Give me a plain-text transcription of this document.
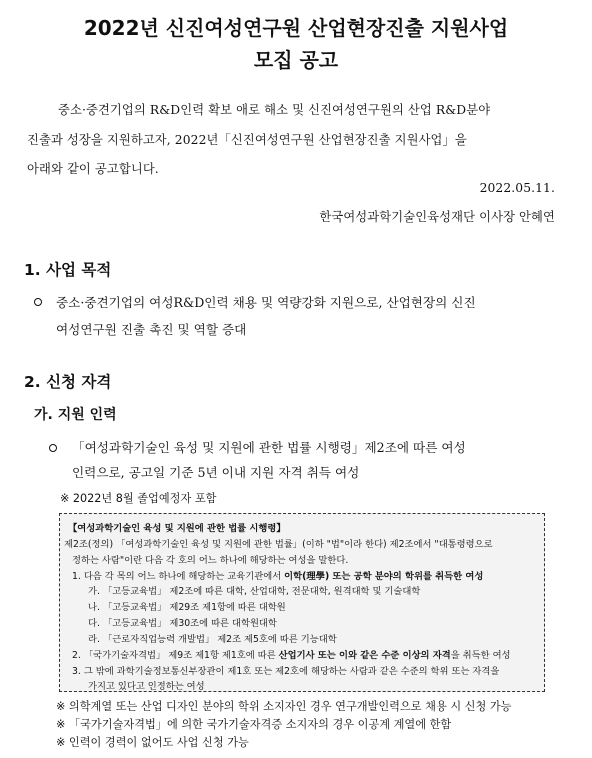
2022년 신진여성연구원 산업현장진출 지원사업
모집 공고
중소·중견기업의 R&D인력 확보 애로 해소 및 신진여성연구원의 산업 R&D분야
진출과 성장을 지원하고자, 2022년「신진여성연구원 산업현장진출 지원사업」을
아래와 같이 공고합니다.
2022.05.11.
한국여성과학기술인육성재단 이사장 안혜연
1. 사업 목적
중소·중견기업의 여성R&D인력 채용 및 역량강화 지원으로, 산업현장의 신진
여성연구원 진출 촉진 및 역할 증대
2. 신청 자격
가. 지원 인력
「여성과학기술인 육성 및 지원에 관한 법률 시행령」제2조에 따른 여성
인력으로, 공고일 기준 5년 이내 지원 자격 취득 여성
※ 2022년 8월 졸업예정자 포함
【여성과학기술인 육성 및 지원에 관한 법률 시행령】
제2조(정의) 「여성과학기술인 육성 및 지원에 관한 법률」(이하 "법"이라 한다) 제2조에서 "대통령령으로
정하는 사람"이란 다음 각 호의 어느 하나에 해당하는 여성을 말한다.
1. 다음 각 목의 어느 하나에 해당하는 교육기관에서 이학(理學) 또는 공학 분야의 학위를 취득한 여성
가. 「고등교육법」 제2조에 따른 대학, 산업대학, 전문대학, 원격대학 및 기술대학
나. 「고등교육법」 제29조 제1항에 따른 대학원
다. 「고등교육법」 제30조에 따른 대학원대학
라. 「근로자직업능력 개발법」 제2조 제5호에 따른 기능대학
2. 「국가기술자격법」 제9조 제1항 제1호에 따른 산업기사 또는 이와 같은 수준 이상의 자격을 취득한 여성
3. 그 밖에 과학기술정보통신부장관이 제1호 또는 제2호에 해당하는 사람과 같은 수준의 학위 또는 자격을
가지고 있다고 인정하는 여성
※ 의학계열 또는 산업 디자인 분야의 학위 소지자인 경우 연구개발인력으로 채용 시 신청 가능
※ 「국가기술자격법」에 의한 국가기술자격증 소지자의 경우 이공계 계열에 한함
※ 인력이 경력이 없어도 사업 신청 가능
